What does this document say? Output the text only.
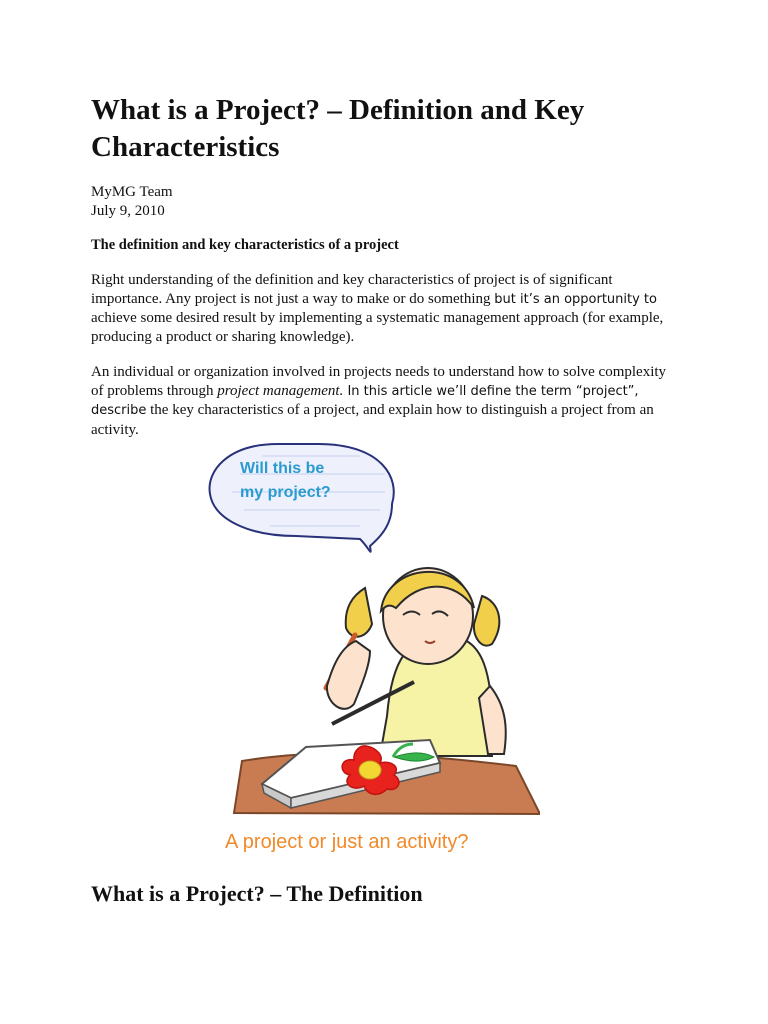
What is a Project? – Definition and Key Characteristics
MyMG Team
July 9, 2010
The definition and key characteristics of a project

Right understanding of the definition and key characteristics of project is of significant importance. Any project is not just a way to make or do something but it’s an opportunity to achieve some desired result by implementing a systematic management approach (for example, producing a product or sharing knowledge).

An individual or organization involved in projects needs to understand how to solve complexity of problems through project management. In this article we’ll define the term “project”, describe the key characteristics of a project, and explain how to distinguish a project from an activity.

Will this be
my project?
A project or just an activity?
What is a Project? – The Definition
